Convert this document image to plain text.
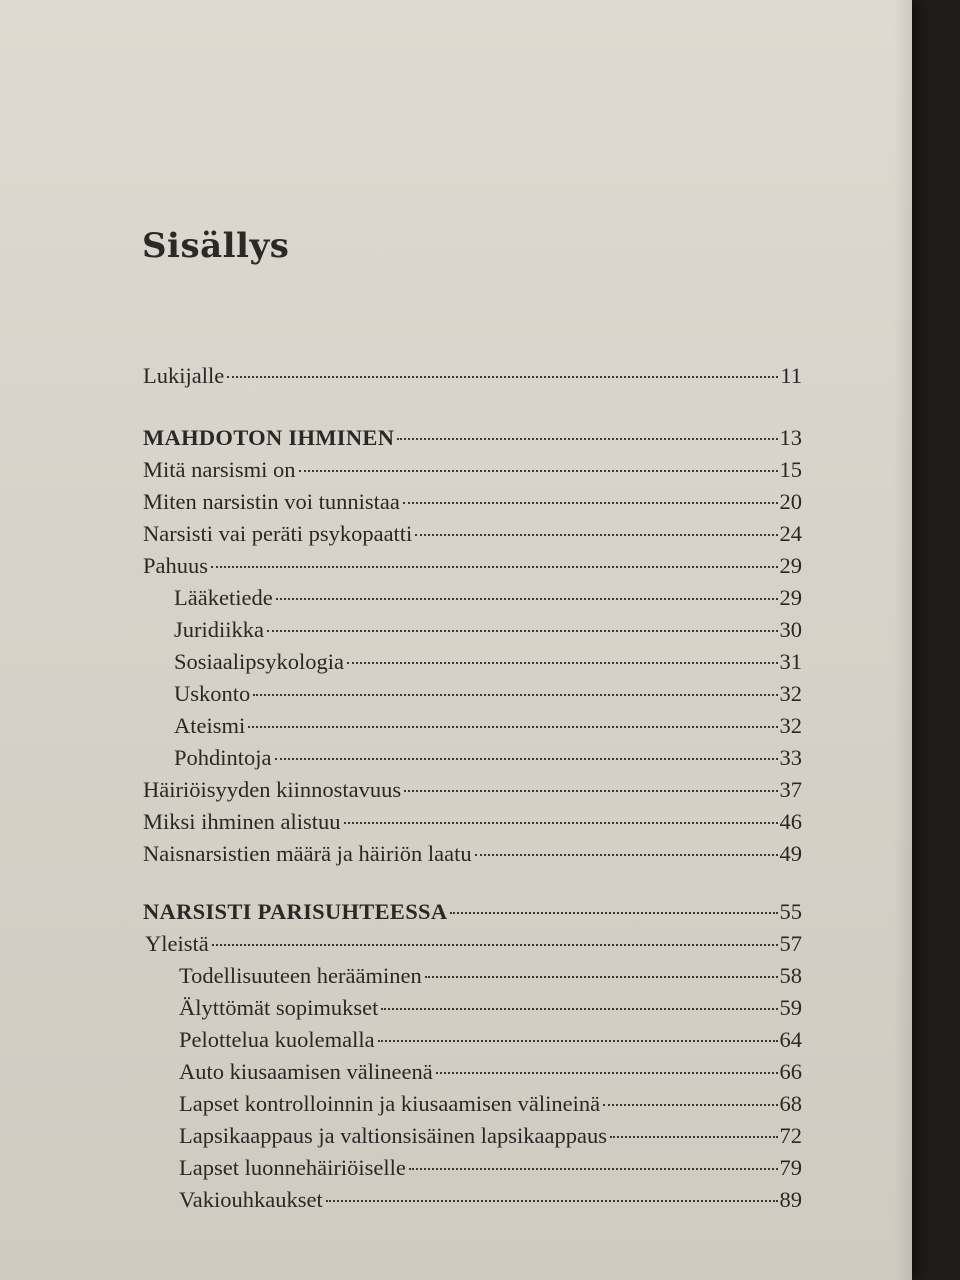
Sisällys
Lukijalle	11
MAHDOTON IHMINEN	13
Mitä narsismi on	15
Miten narsistin voi tunnistaa	20
Narsisti vai peräti psykopaatti	24
Pahuus	29
Lääketiede	29
Juridiikka	30
Sosiaalipsykologia	31
Uskonto	32
Ateismi	32
Pohdintoja	33
Häiriöisyyden kiinnostavuus	37
Miksi ihminen alistuu	46
Naisnarsistien määrä ja häiriön laatu	49
NARSISTI PARISUHTEESSA	55
Yleistä	57
Todellisuuteen herääminen	58
Älyttömät sopimukset	59
Pelottelua kuolemalla	64
Auto kiusaamisen välineenä	66
Lapset kontrolloinnin ja kiusaamisen välineinä	68
Lapsikaappaus ja valtionsisäinen lapsikaappaus	72
Lapset luonnehäiriöiselle	79
Vakiouhkaukset	89
